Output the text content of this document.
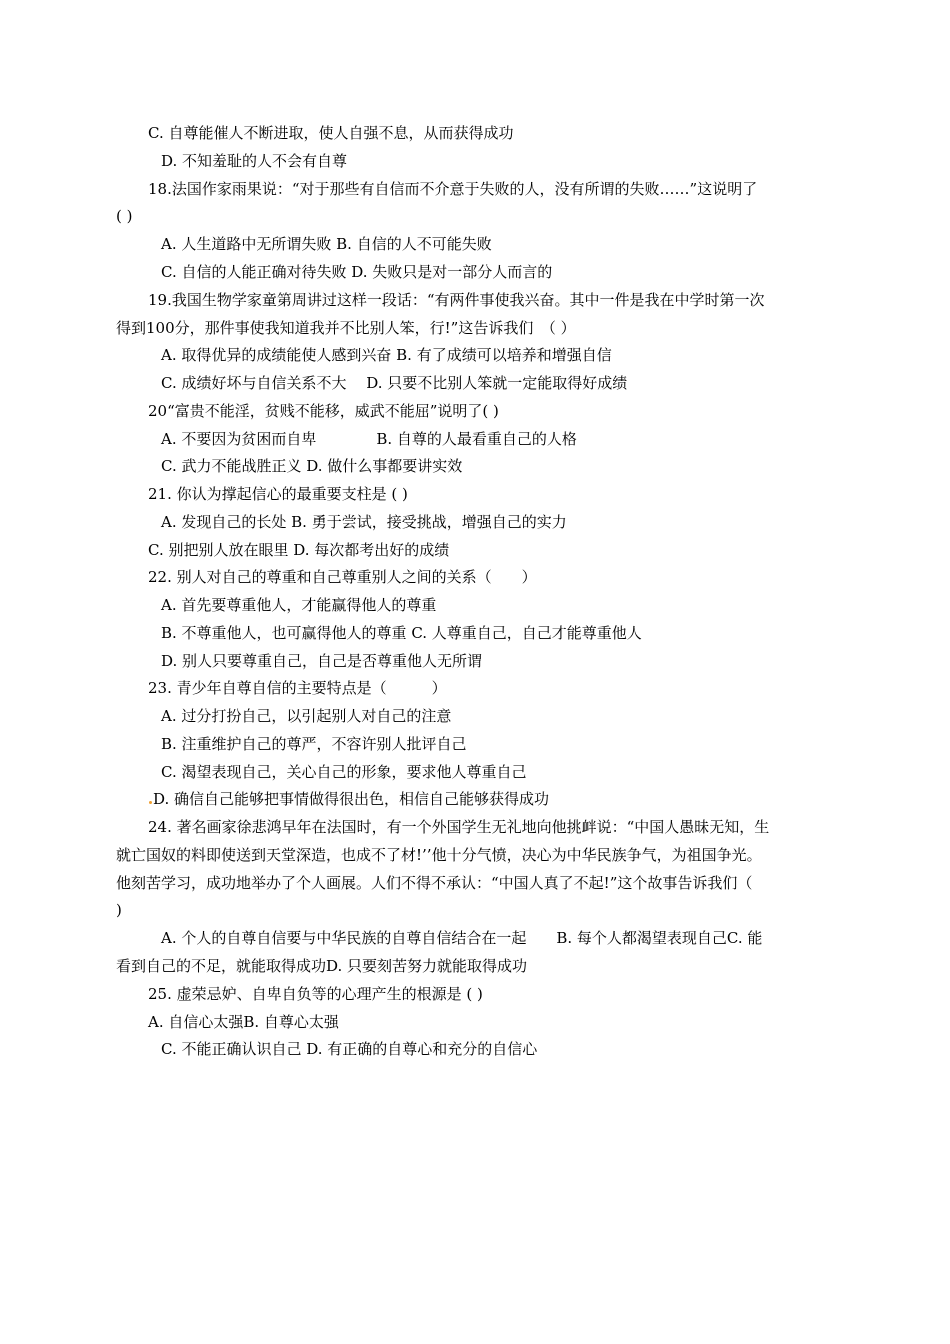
C. 自尊能催人不断进取，使人自强不息，从而获得成功
D. 不知羞耻的人不会有自尊
18.法国作家雨果说：“对于那些有自信而不介意于失败的人，没有所谓的失败……”这说明了
( )
A. 人生道路中无所谓失败 B. 自信的人不可能失败
C. 自信的人能正确对待失败 D. 失败只是对一部分人而言的
19.我国生物学家童第周讲过这样一段话：“有两件事使我兴奋。其中一件是我在中学时第一次
得到100分，那件事使我知道我并不比别人笨，行!”这告诉我们　（ ）
A. 取得优异的成绩能使人感到兴奋 B. 有了成绩可以培养和增强自信
C. 成绩好坏与自信关系不大　 D. 只要不比别人笨就一定能取得好成绩
20“富贵不能淫，贫贱不能移，威武不能屈”说明了( )
A. 不要因为贫困而自卑　　　　B. 自尊的人最看重自己的人格
C. 武力不能战胜正义 D. 做什么事都要讲实效
21. 你认为撑起信心的最重要支柱是 ( )
A. 发现自己的长处 B. 勇于尝试，接受挑战，增强自己的实力
C. 别把别人放在眼里 D. 每次都考出好的成绩
22. 别人对自己的尊重和自己尊重别人之间的关系（　　）
A. 首先要尊重他人，才能赢得他人的尊重
B. 不尊重他人，也可赢得他人的尊重 C. 人尊重自己，自己才能尊重他人
D. 别人只要尊重自己，自己是否尊重他人无所谓
23. 青少年自尊自信的主要特点是（　　　）
A. 过分打扮自己，以引起别人对自己的注意
B. 注重维护自己的尊严，不容许别人批评自己
C. 渴望表现自己，关心自己的形象，要求他人尊重自己
D. 确信自己能够把事情做得很出色，相信自己能够获得成功
24. 著名画家徐悲鸿早年在法国时，有一个外国学生无礼地向他挑衅说：“中国人愚昧无知，生
就亡国奴的料即使送到天堂深造，也成不了材!’’他十分气愤，决心为中华民族争气，为祖国争光。
他刻苦学习，成功地举办了个人画展。人们不得不承认：“中国人真了不起!”这个故事告诉我们（
)
A. 个人的自尊自信要与中华民族的自尊自信结合在一起　　B. 每个人都渴望表现自己C. 能
看到自己的不足，就能取得成功D. 只要刻苦努力就能取得成功
25. 虚荣忌妒、自卑自负等的心理产生的根源是 ( )
A. 自信心太强B. 自尊心太强
C. 不能正确认识自己 D. 有正确的自尊心和充分的自信心
